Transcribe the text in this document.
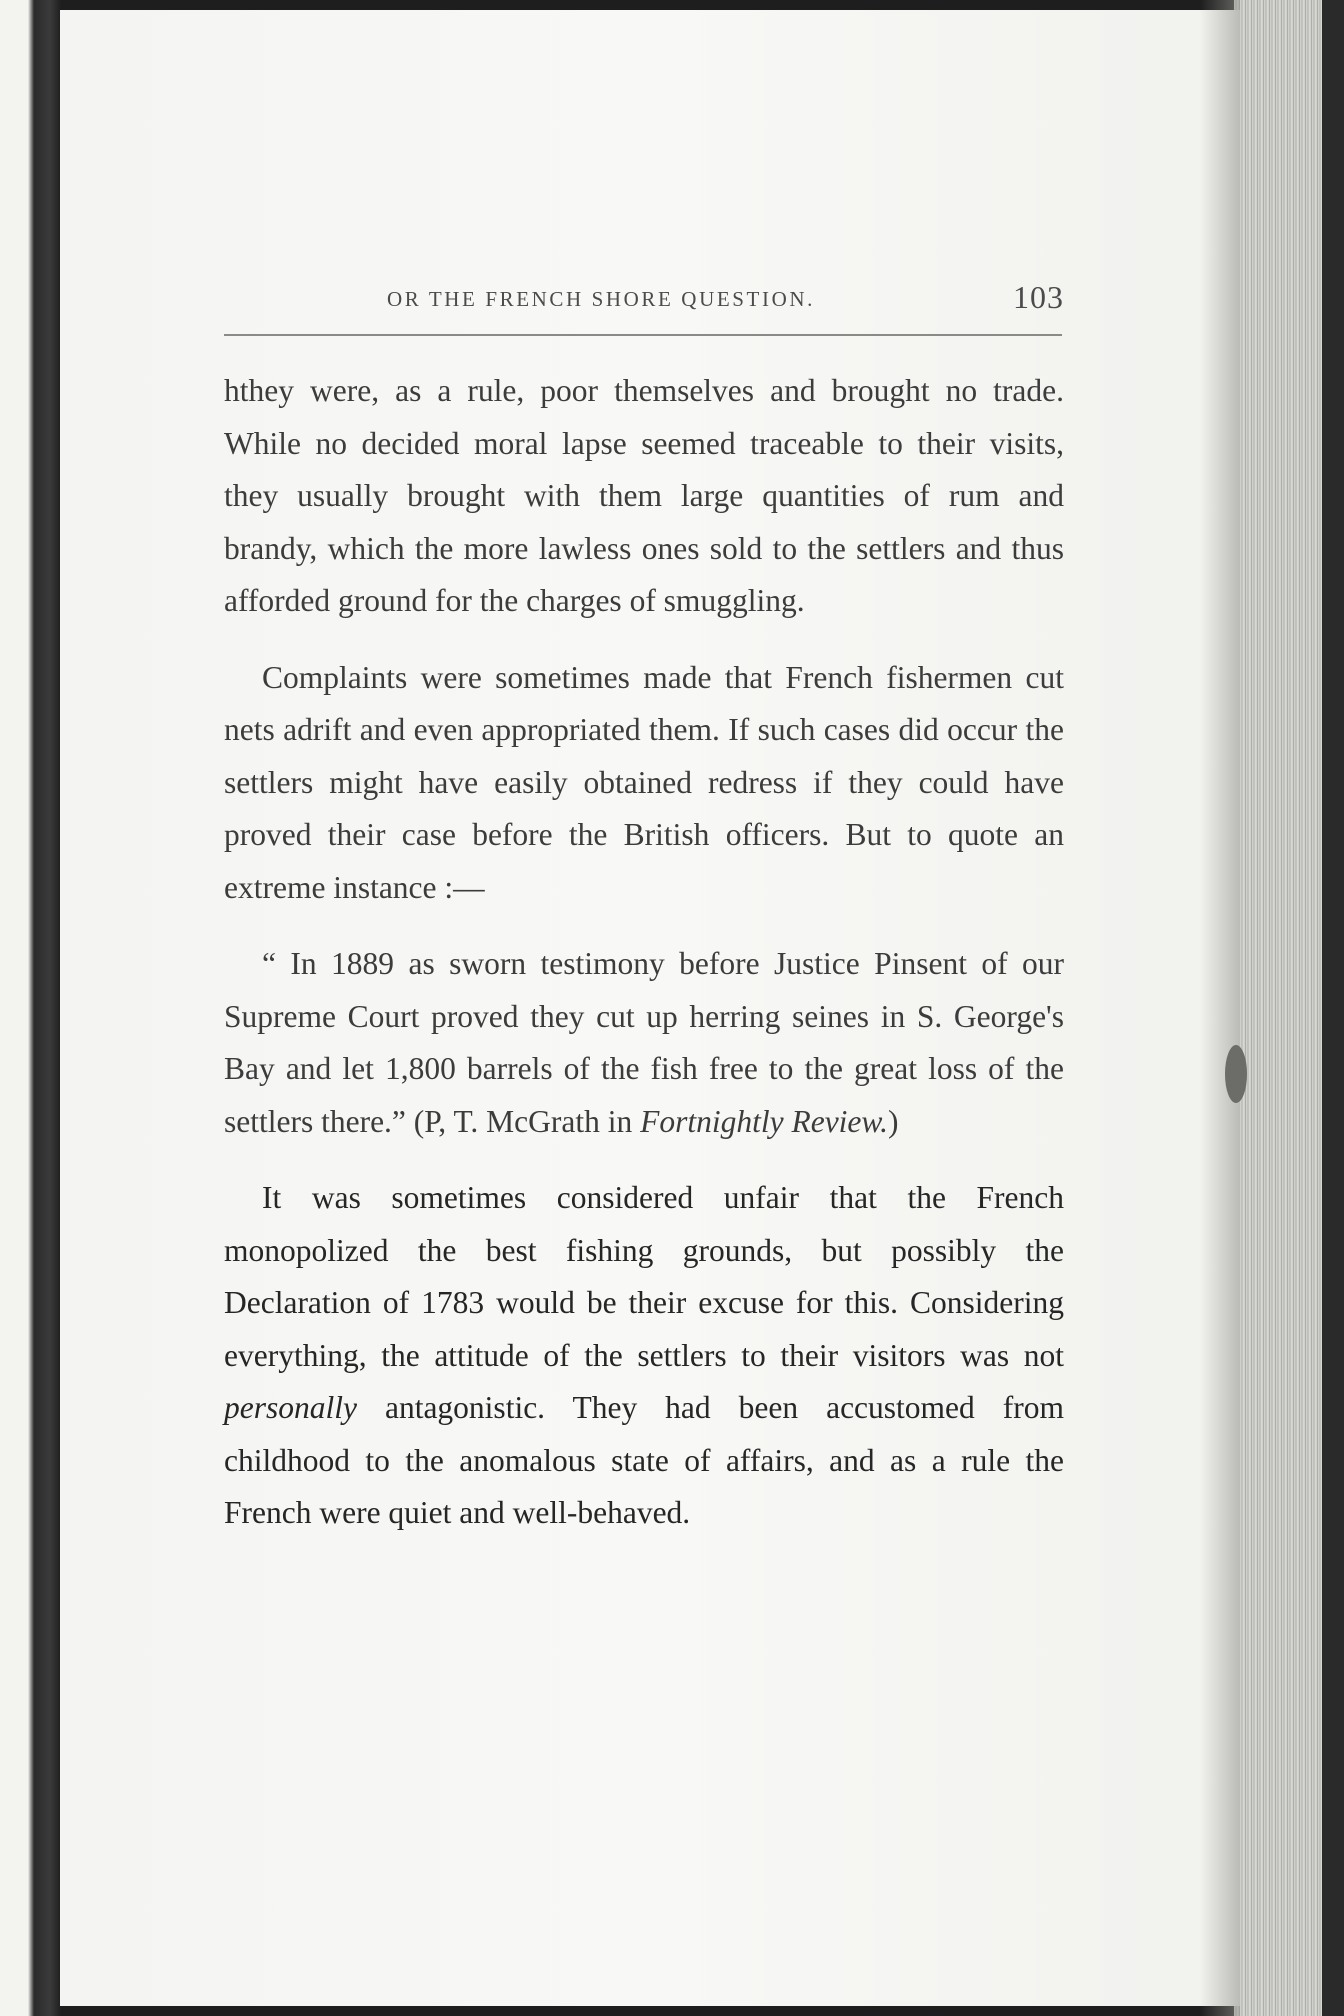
OR THE FRENCH SHORE QUESTION.	103

hthey were, as a rule, poor themselves and brought no trade. While no decided moral lapse seemed traceable to their visits, they usually brought with them large quantities of rum and brandy, which the more lawless ones sold to the settlers and thus afforded ground for the charges of smuggling.

Complaints were sometimes made that French fishermen cut nets adrift and even appropriated them. If such cases did occur the settlers might have easily obtained redress if they could have proved their case before the British officers. But to quote an extreme instance :—

“ In 1889 as sworn testimony before Justice Pinsent of our Supreme Court proved they cut up herring seines in S. George's Bay and let 1,800 barrels of the fish free to the great loss of the settlers there.” (P, T. McGrath in Fortnightly Review.)

It was sometimes considered unfair that the French monopolized the best fishing grounds, but possibly the Declaration of 1783 would be their excuse for this. Considering everything, the attitude of the settlers to their visitors was not personally antagonistic. They had been accustomed from childhood to the anomalous state of affairs, and as a rule the French were quiet and well-behaved.
